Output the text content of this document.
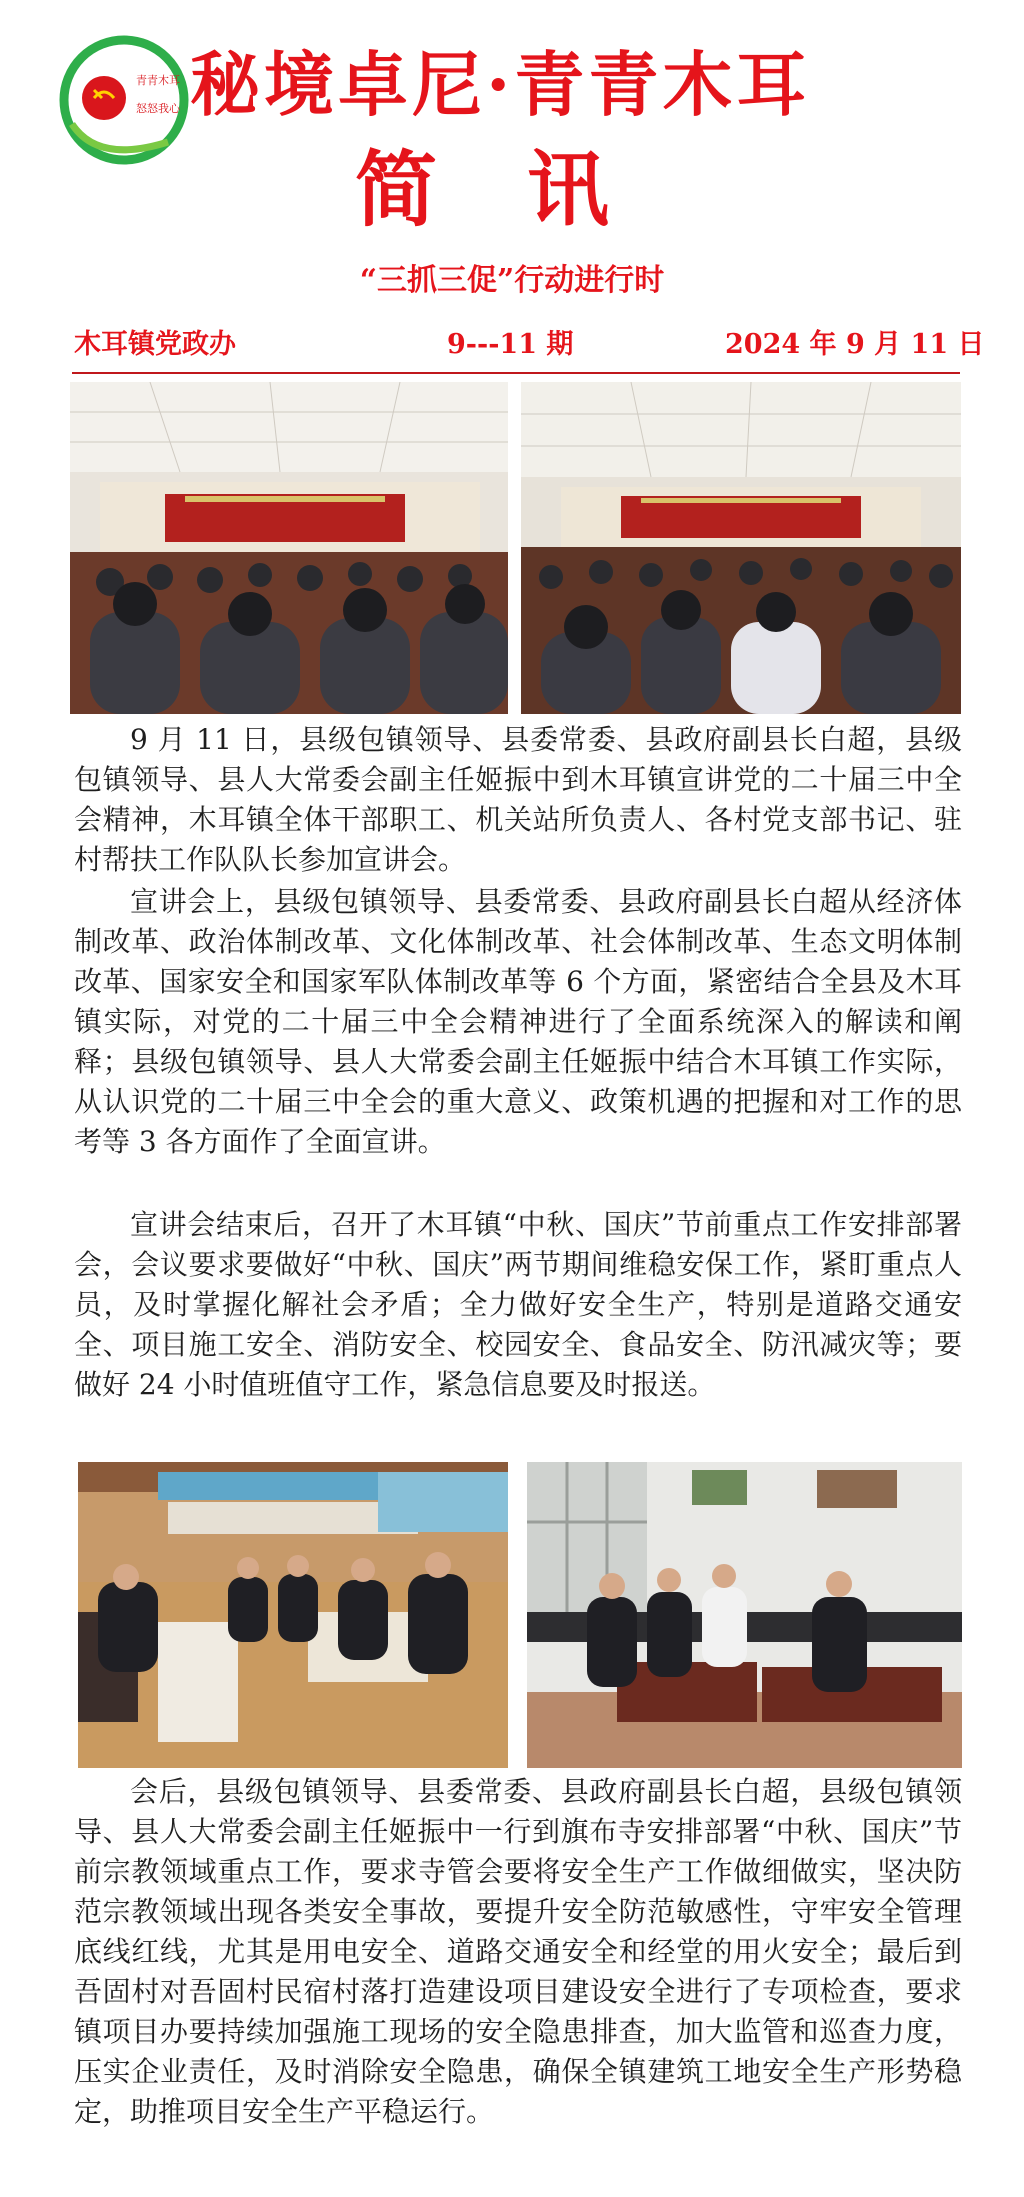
青青木耳
怒怒我心 秘境卓尼·青青木耳
简讯
“三抓三促”行动进行时
木耳镇党政办	9---11 期	2024 年 9 月 11 日

9 月 11 日，县级包镇领导、县委常委、县政府副县长白超，县级包镇领导、县人大常委会副主任姬振中到木耳镇宣讲党的二十届三中全会精神，木耳镇全体干部职工、机关站所负责人、各村党支部书记、驻村帮扶工作队队长参加宣讲会。

宣讲会上，县级包镇领导、县委常委、县政府副县长白超从经济体制改革、政治体制改革、文化体制改革、社会体制改革、生态文明体制改革、国家安全和国家军队体制改革等 6 个方面，紧密结合全县及木耳镇实际，对党的二十届三中全会精神进行了全面系统深入的解读和阐释；县级包镇领导、县人大常委会副主任姬振中结合木耳镇工作实际，从认识党的二十届三中全会的重大意义、政策机遇的把握和对工作的思考等 3 各方面作了全面宣讲。

宣讲会结束后，召开了木耳镇“中秋、国庆”节前重点工作安排部署会，会议要求要做好“中秋、国庆”两节期间维稳安保工作，紧盯重点人员，及时掌握化解社会矛盾；全力做好安全生产，特别是道路交通安全、项目施工安全、消防安全、校园安全、食品安全、防汛减灾等；要做好 24 小时值班值守工作，紧急信息要及时报送。

会后，县级包镇领导、县委常委、县政府副县长白超，县级包镇领导、县人大常委会副主任姬振中一行到旗布寺安排部署“中秋、国庆”节前宗教领域重点工作，要求寺管会要将安全生产工作做细做实，坚决防范宗教领域出现各类安全事故，要提升安全防范敏感性，守牢安全管理底线红线，尤其是用电安全、道路交通安全和经堂的用火安全；最后到吾固村对吾固村民宿村落打造建设项目建设安全进行了专项检查，要求镇项目办要持续加强施工现场的安全隐患排查，加大监管和巡查力度，压实企业责任，及时消除安全隐患，确保全镇建筑工地安全生产形势稳定，助推项目安全生产平稳运行。
